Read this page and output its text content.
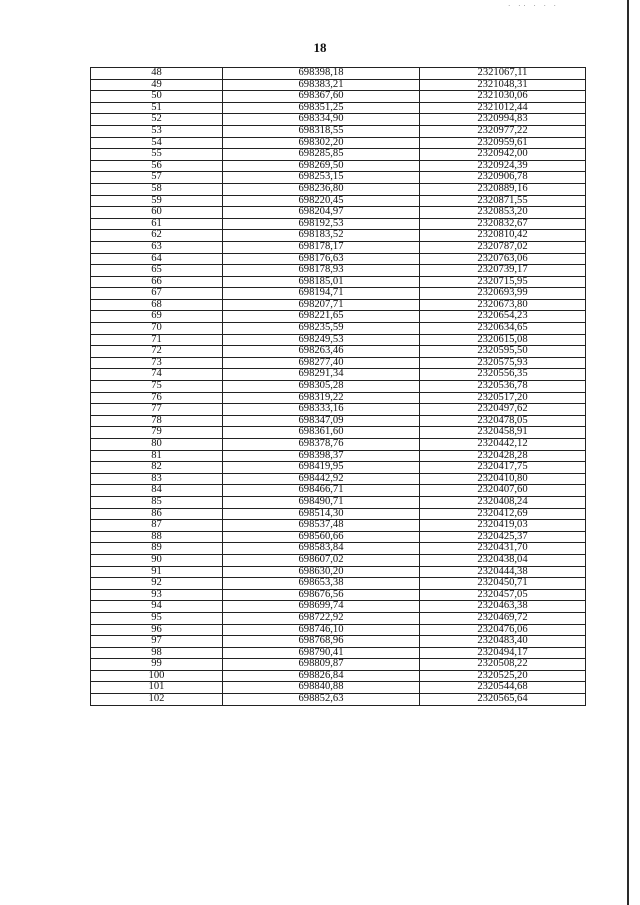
· ·· · · ·
18
48	698398,18	2321067,11
49	698383,21	2321048,31
50	698367,60	2321030,06
51	698351,25	2321012,44
52	698334,90	2320994,83
53	698318,55	2320977,22
54	698302,20	2320959,61
55	698285,85	2320942,00
56	698269,50	2320924,39
57	698253,15	2320906,78
58	698236,80	2320889,16
59	698220,45	2320871,55
60	698204,97	2320853,20
61	698192,53	2320832,67
62	698183,52	2320810,42
63	698178,17	2320787,02
64	698176,63	2320763,06
65	698178,93	2320739,17
66	698185,01	2320715,95
67	698194,71	2320693,99
68	698207,71	2320673,80
69	698221,65	2320654,23
70	698235,59	2320634,65
71	698249,53	2320615,08
72	698263,46	2320595,50
73	698277,40	2320575,93
74	698291,34	2320556,35
75	698305,28	2320536,78
76	698319,22	2320517,20
77	698333,16	2320497,62
78	698347,09	2320478,05
79	698361,60	2320458,91
80	698378,76	2320442,12
81	698398,37	2320428,28
82	698419,95	2320417,75
83	698442,92	2320410,80
84	698466,71	2320407,60
85	698490,71	2320408,24
86	698514,30	2320412,69
87	698537,48	2320419,03
88	698560,66	2320425,37
89	698583,84	2320431,70
90	698607,02	2320438,04
91	698630,20	2320444,38
92	698653,38	2320450,71
93	698676,56	2320457,05
94	698699,74	2320463,38
95	698722,92	2320469,72
96	698746,10	2320476,06
97	698768,96	2320483,40
98	698790,41	2320494,17
99	698809,87	2320508,22
100	698826,84	2320525,20
101	698840,88	2320544,68
102	698852,63	2320565,64
